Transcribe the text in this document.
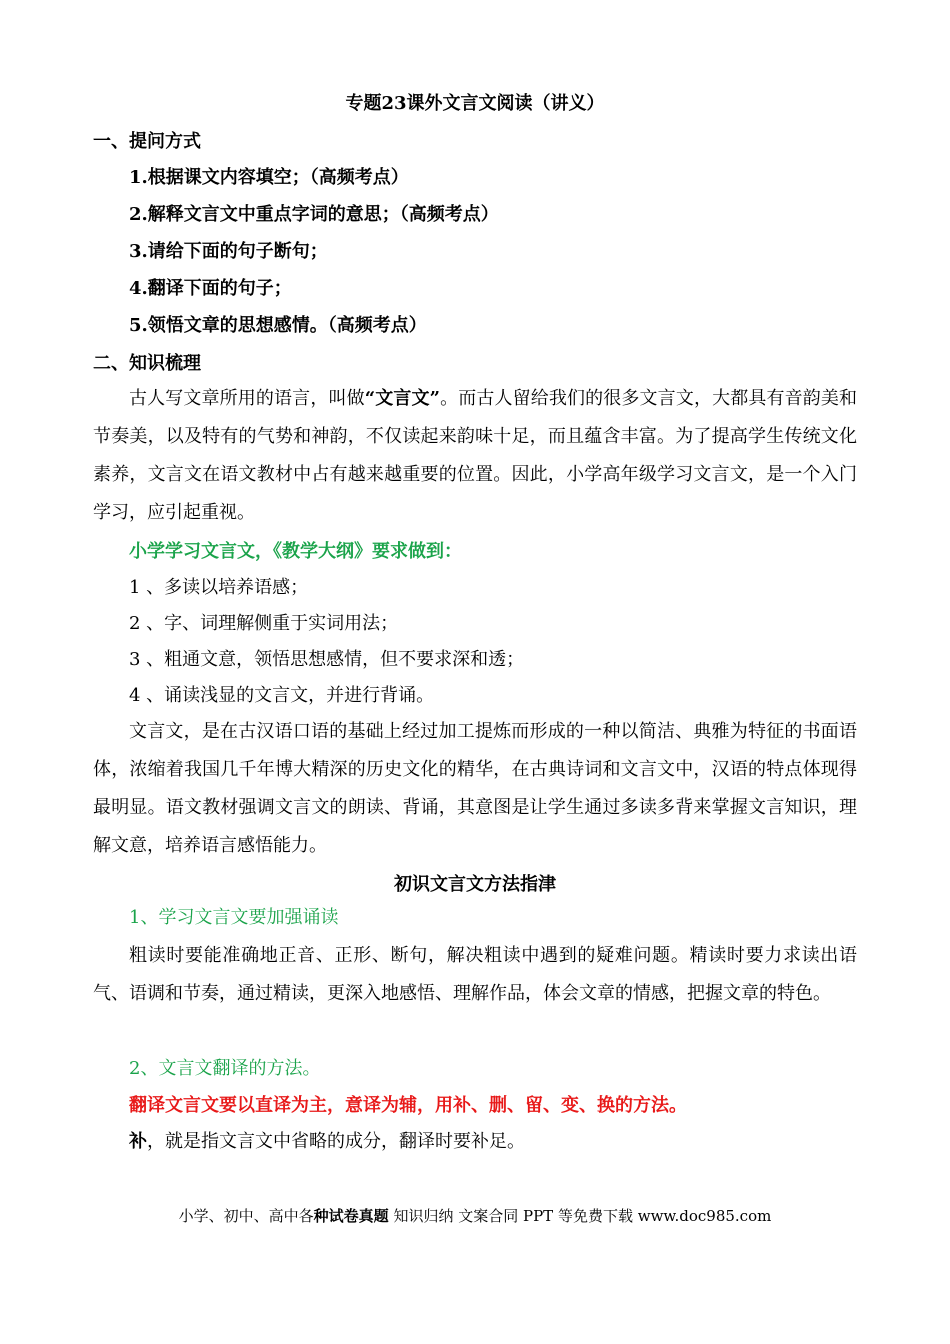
专题23课外文言文阅读（讲义）
一、提问方式
1.根据课文内容填空；（高频考点）
2.解释文言文中重点字词的意思；（高频考点）
3.请给下面的句子断句；
4.翻译下面的句子；
5.领悟文章的思想感情。（高频考点）
二、知识梳理
古人写文章所用的语言，叫做“文言文”。而古人留给我们的很多文言文，大都具有音韵美和节奏美，以及特有的气势和神韵，不仅读起来韵味十足，而且蕴含丰富。为了提高学生传统文化素养，文言文在语文教材中占有越来越重要的位置。因此，小学高年级学习文言文，是一个入门学习，应引起重视。
小学学习文言文，《教学大纲》要求做到：
1 、多读以培养语感；
2 、字、词理解侧重于实词用法；
3 、粗通文意，领悟思想感情，但不要求深和透；
4 、诵读浅显的文言文，并进行背诵。
文言文，是在古汉语口语的基础上经过加工提炼而形成的一种以简洁、典雅为特征的书面语体，浓缩着我国几千年博大精深的历史文化的精华，在古典诗词和文言文中，汉语的特点体现得最明显。语文教材强调文言文的朗读、背诵，其意图是让学生通过多读多背来掌握文言知识，理解文意，培养语言感悟能力。
初识文言文方法指津
1、学习文言文要加强诵读
粗读时要能准确地正音、正形、断句，解决粗读中遇到的疑难问题。精读时要力求读出语气、语调和节奏，通过精读，更深入地感悟、理解作品，体会文章的情感，把握文章的特色。
2、文言文翻译的方法。
翻译文言文要以直译为主，意译为辅，用补、删、留、变、换的方法。
补，就是指文言文中省略的成分，翻译时要补足。
小学、初中、高中各种试卷真题 知识归纳 文案合同 PPT 等免费下载 www.doc985.com
